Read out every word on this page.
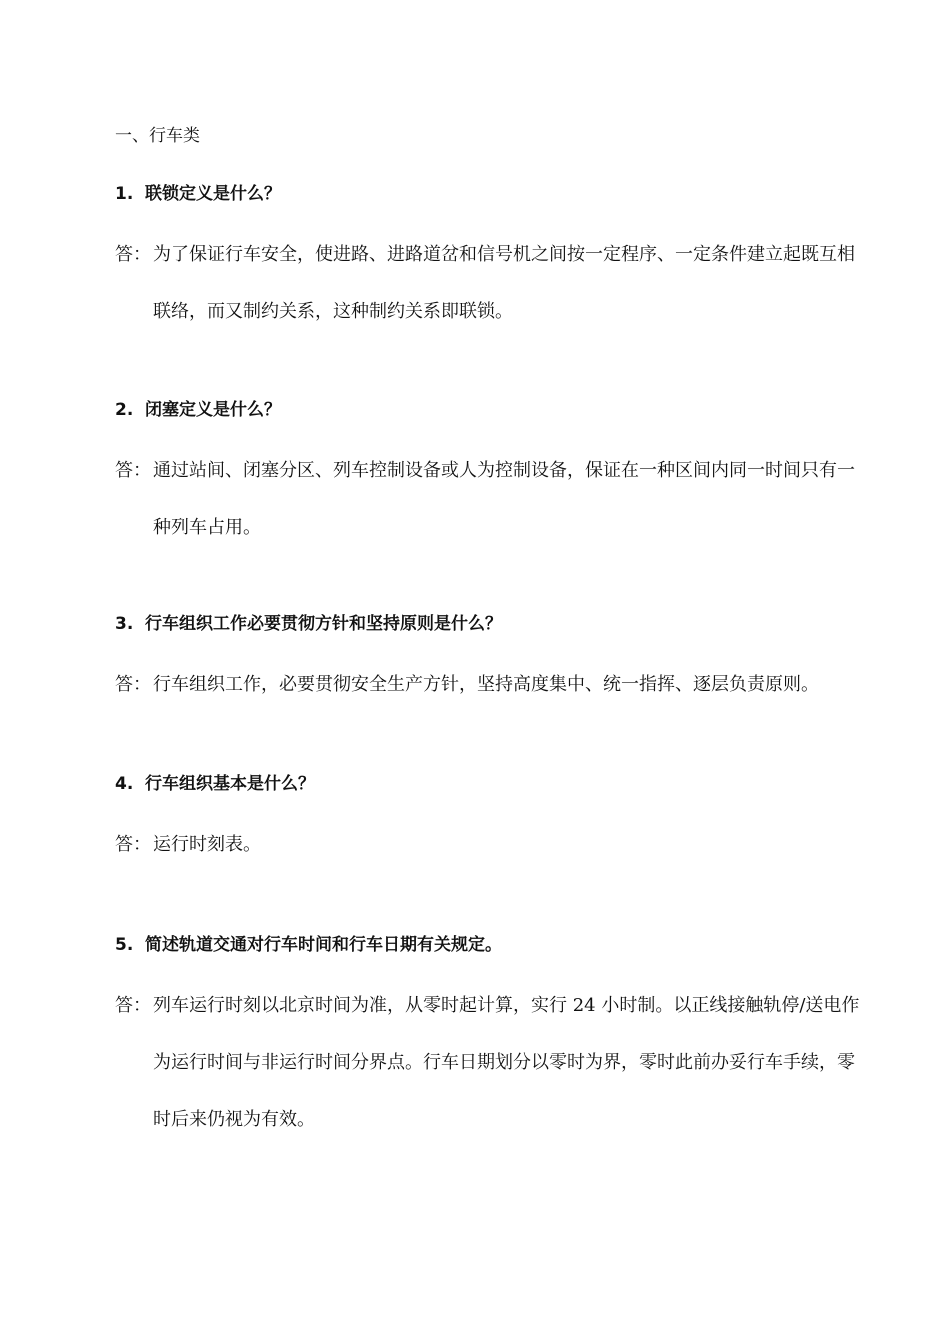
一、行车类
1. 联锁定义是什么？
答： 为了保证行车安全，使进路、进路道岔和信号机之间按一定程序、一定条件建立起既互相联络，而又制约关系，这种制约关系即联锁。
2. 闭塞定义是什么？
答： 通过站间、闭塞分区、列车控制设备或人为控制设备，保证在一种区间内同一时间只有一种列车占用。
3. 行车组织工作必要贯彻方针和坚持原则是什么？
答： 行车组织工作，必要贯彻安全生产方针，坚持高度集中、统一指挥、逐层负责原则。
4. 行车组织基本是什么？
答： 运行时刻表。
5. 简述轨道交通对行车时间和行车日期有关规定。
答： 列车运行时刻以北京时间为准，从零时起计算，实行 24 小时制。以正线接触轨停/送电作为运行时间与非运行时间分界点。行车日期划分以零时为界，零时此前办妥行车手续，零时后来仍视为有效。
